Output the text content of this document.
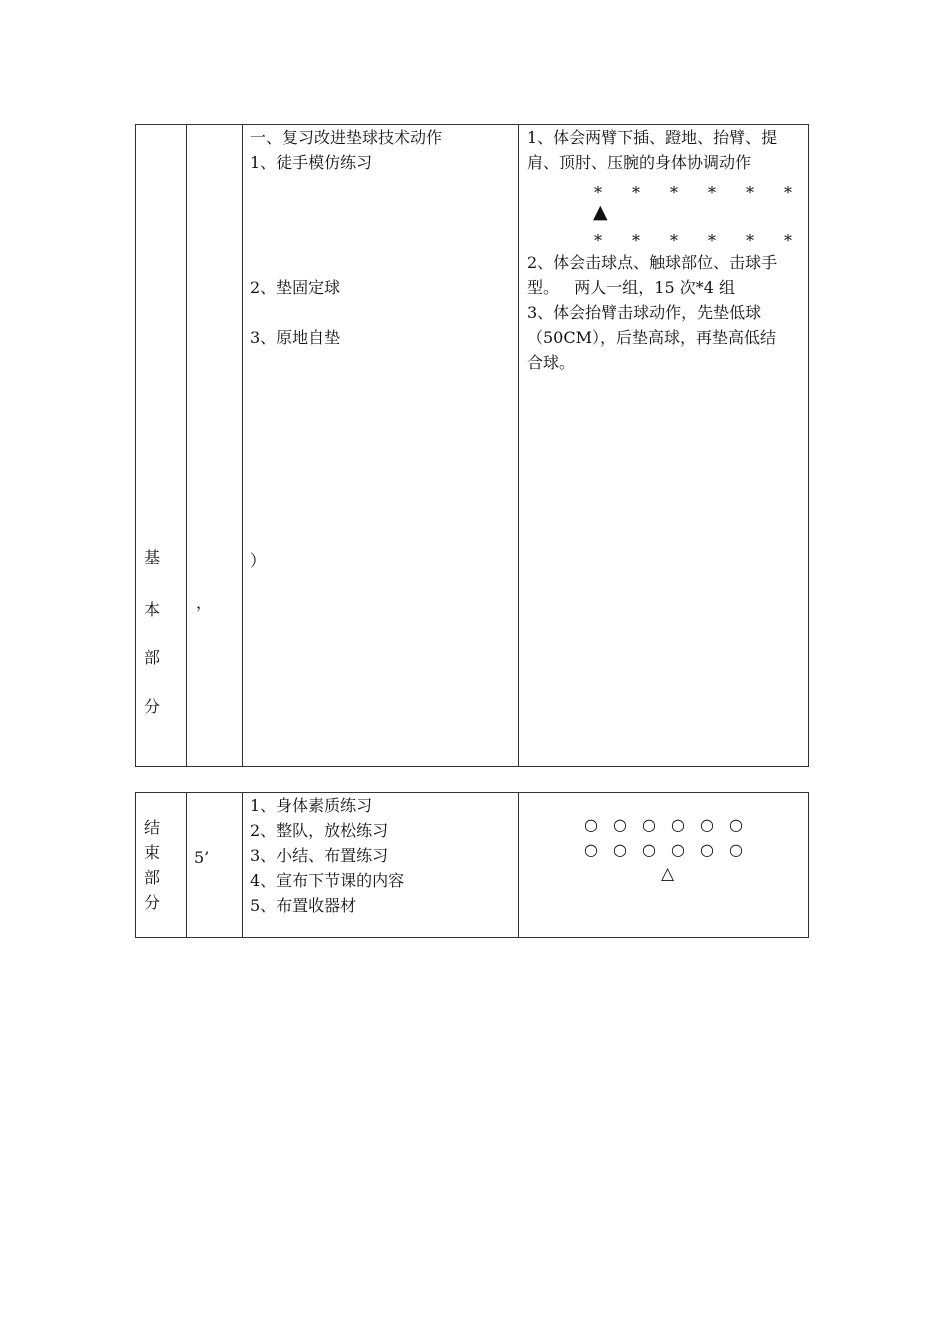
基
本
部
分
，
一、复习改进垫球技术动作
1、徒手模仿练习
2、垫固定球
3、原地自垫
）
1、体会两臂下插、蹬地、抬臂、提
肩、顶肘、压腕的身体协调动作
* * * * * *
▲
* * * * * *
2、体会击球点、触球部位、击球手
型。   两人一组，15 次*4 组
3、体会抬臂击球动作，先垫低球
（50CM），后垫高球，再垫高低结
合球。
结
束
部
分
5’
1、身体素质练习
2、整队，放松练习
3、小结、布置练习
4、宣布下节课的内容
5、布置收器材
○ ○ ○ ○ ○ ○
○ ○ ○ ○ ○ ○
△
